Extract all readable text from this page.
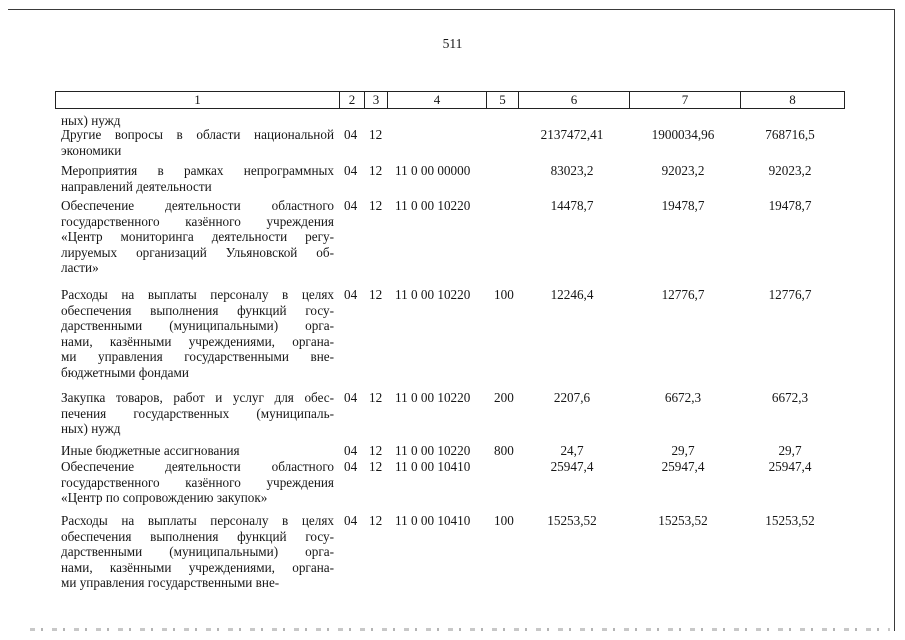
511
1	2	3	4	5	6	7	8
ных) нужд
Другие вопросы в области национальной
экономики
04 12	2137472,41	1900034,96	768716,5
Мероприятия в рамках непрограммных
направлений деятельности
04 12 11 0 00 00000	83023,2	92023,2	92023,2
Обеспечение деятельности областного
государственного казённого учреждения
«Центр мониторинга деятельности регу-
лируемых организаций Ульяновской об-
ласти»
04 12 11 0 00 10220	14478,7	19478,7	19478,7
Расходы на выплаты персоналу в целях
обеспечения выполнения функций госу-
дарственными (муниципальными) орга-
нами, казёнными учреждениями, органа-
ми управления государственными вне-
бюджетными фондами
04 12 11 0 00 10220 100	12246,4	12776,7	12776,7
Закупка товаров, работ и услуг для обес-
печения государственных (муниципаль-
ных) нужд
04 12 11 0 00 10220 200	2207,6	6672,3	6672,3
Иные бюджетные ассигнования	04 12 11 0 00 10220 800	24,7	29,7	29,7
Обеспечение деятельности областного
государственного казённого учреждения
«Центр по сопровождению закупок»
04 12 11 0 00 10410	25947,4	25947,4	25947,4
Расходы на выплаты персоналу в целях
обеспечения выполнения функций госу-
дарственными (муниципальными) орга-
нами, казёнными учреждениями, органа-
ми управления государственными вне-
04 12 11 0 00 10410 100	15253,52	15253,52	15253,52
